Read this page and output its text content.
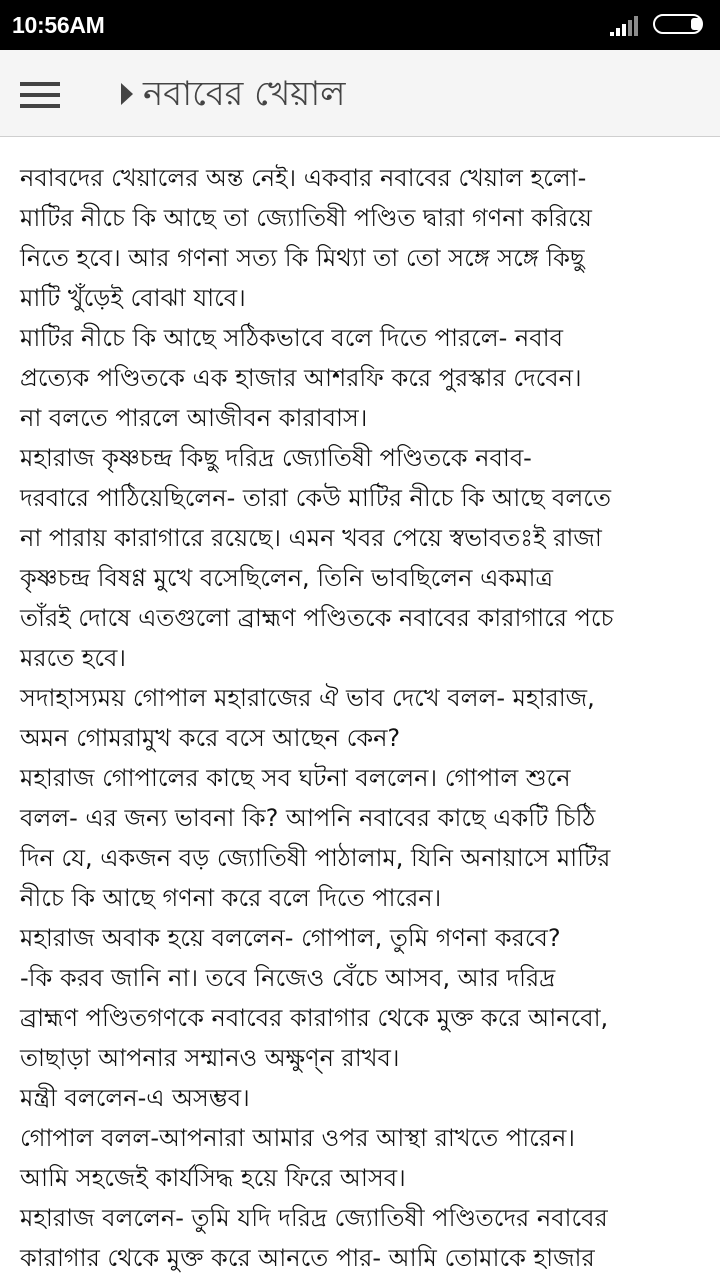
10:56AM
নবাবের খেয়াল

নবাবদের খেয়ালের অন্ত নেই। একবার নবাবের খেয়াল হলো-

মাটির নীচে কি আছে তা জ্যোতিষী পণ্ডিত দ্বারা গণনা করিয়ে

নিতে হবে। আর গণনা সত্য কি মিথ্যা তা তো সঙ্গে সঙ্গে কিছু

মাটি খুঁড়েই বোঝা যাবে।

মাটির নীচে কি আছে সঠিকভাবে বলে দিতে পারলে- নবাব

প্রত্যেক পণ্ডিতকে এক হাজার আশরফি করে পুরস্কার দেবেন।

না বলতে পারলে আজীবন কারাবাস।

মহারাজ কৃষ্ণচন্দ্র কিছু দরিদ্র জ্যোতিষী পণ্ডিতকে নবাব-

দরবারে পাঠিয়েছিলেন- তারা কেউ মাটির নীচে কি আছে বলতে

না পারায় কারাগারে রয়েছে। এমন খবর পেয়ে স্বভাবতঃই রাজা

কৃষ্ণচন্দ্র বিষণ্ণ মুখে বসেছিলেন, তিনি ভাবছিলেন একমাত্র

তাঁরই দোষে এতগুলো ব্রাহ্মণ পণ্ডিতকে নবাবের কারাগারে পচে

মরতে হবে।

সদাহাস্যময় গোপাল মহারাজের ঐ ভাব দেখে বলল- মহারাজ,

অমন গোমরামুখ করে বসে আছেন কেন?

মহারাজ গোপালের কাছে সব ঘটনা বললেন। গোপাল শুনে

বলল- এর জন্য ভাবনা কি? আপনি নবাবের কাছে একটি চিঠি

দিন যে, একজন বড় জ্যোতিষী পাঠালাম, যিনি অনায়াসে মাটির

নীচে কি আছে গণনা করে বলে দিতে পারেন।

মহারাজ অবাক হয়ে বললেন- গোপাল, তুমি গণনা করবে?

-কি করব জানি না। তবে নিজেও বেঁচে আসব, আর দরিদ্র

ব্রাহ্মণ পণ্ডিতগণকে নবাবের কারাগার থেকে মুক্ত করে আনবো,

তাছাড়া আপনার সম্মানও অক্ষুণ্ন রাখব।

মন্ত্রী বললেন-এ অসম্ভব।

গোপাল বলল-আপনারা আমার ওপর আস্থা রাখতে পারেন।

আমি সহজেই কার্যসিদ্ধ হয়ে ফিরে আসব।

মহারাজ বললেন- তুমি যদি দরিদ্র জ্যোতিষী পণ্ডিতদের নবাবের

কারাগার থেকে মুক্ত করে আনতে পার- আমি তোমাকে হাজার
